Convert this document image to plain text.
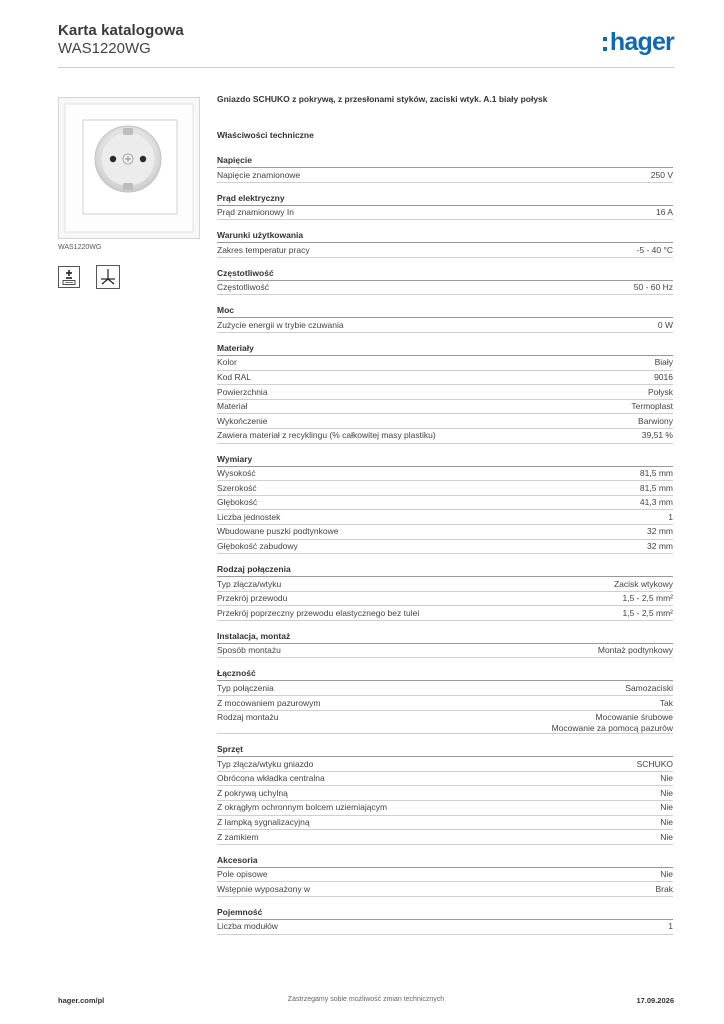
Karta katalogowa
WAS1220WG	hager
WAS1220WG
Gniazdo SCHUKO z pokrywą, z przesłonami styków, zaciski wtyk. A.1 biały połysk
Właściwości techniczne
Napięcie
Napięcie znamionowe	250 V
Prąd elektryczny
Prąd znamionowy In	16 A
Warunki użytkowania
Zakres temperatur pracy	-5 - 40 °C
Częstotliwość
Częstotliwość	50 - 60 Hz
Moc
Zużycie energii w trybie czuwania	0 W
Materiały
Kolor	Biały
Kod RAL	9016
Powierzchnia	Połysk
Materiał	Termoplast
Wykończenie	Barwiony
Zawiera materiał z recyklingu (% całkowitej masy plastiku)	39,51 %
Wymiary
Wysokość	81,5 mm
Szerokość	81,5 mm
Głębokość	41,3 mm
Liczba jednostek	1
Wbudowane puszki podtynkowe	32 mm
Głębokość zabudowy	32 mm
Rodzaj połączenia
Typ złącza/wtyku	Zacisk wtykowy
Przekrój przewodu	1,5 - 2,5 mm²
Przekrój poprzeczny przewodu elastycznego bez tulei	1,5 - 2,5 mm²
Instalacja, montaż
Sposób montażu	Montaż podtynkowy
Łączność
Typ połączenia	Samozaciski
Z mocowaniem pazurowym	Tak
Rodzaj montażu	Mocowanie śrubowe
Mocowanie za pomocą pazurów
Sprzęt
Typ złącza/wtyku gniazdo	SCHUKO
Obrócona wkładka centralna	Nie
Z pokrywą uchylną	Nie
Z okrągłym ochronnym bolcem uziemiającym	Nie
Z lampką sygnalizacyjną	Nie
Z zamkiem	Nie
Akcesoria
Pole opisowe	Nie
Wstępnie wyposażony w	Brak
Pojemność
Liczba modułów	1
hager.com/pl	Zastrzegamy sobie możliwość zmian technicznych	17.09.2026
